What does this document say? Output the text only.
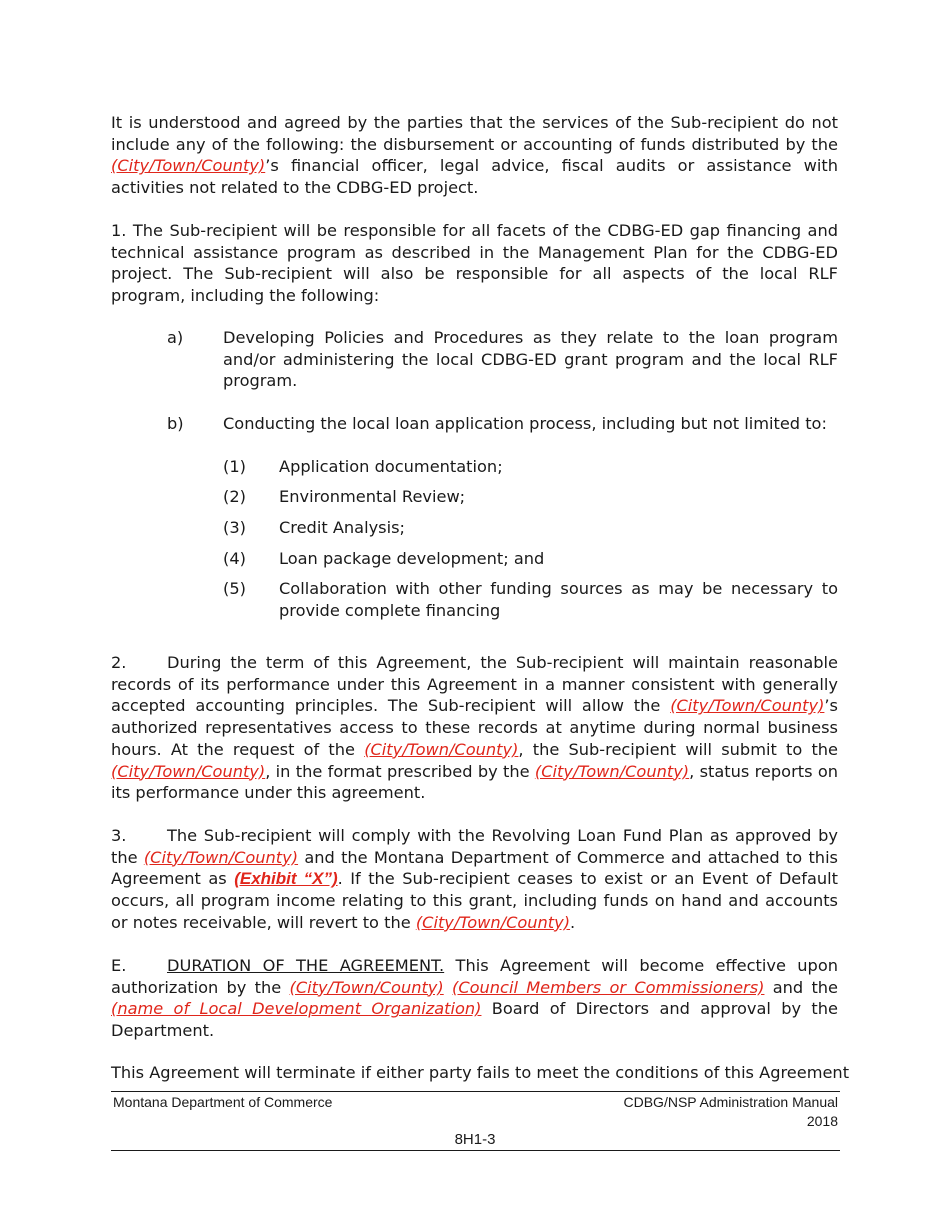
It is understood and agreed by the parties that the services of the Sub-recipient do not include any of the following: the disbursement or accounting of funds distributed by the (City/Town/County)’s financial officer, legal advice, fiscal audits or assistance with activities not related to the CDBG-ED project.

1. The Sub-recipient will be responsible for all facets of the CDBG-ED gap financing and technical assistance program as described in the Management Plan for the CDBG-ED project. The Sub-recipient will also be responsible for all aspects of the local RLF program, including the following:

a) Developing Policies and Procedures as they relate to the loan program and/or administering the local CDBG-ED grant program and the local RLF program.

b) Conducting the local loan application process, including but not limited to:

(1) Application documentation;

(2) Environmental Review;

(3) Credit Analysis;

(4) Loan package development; and

(5) Collaboration with other funding sources as may be necessary to provide complete financing

2.	During the term of this Agreement, the Sub-recipient will maintain reasonable records of its performance under this Agreement in a manner consistent with generally accepted accounting principles. The Sub-recipient will allow the (City/Town/County)’s authorized representatives access to these records at anytime during normal business hours. At the request of the (City/Town/County), the Sub-recipient will submit to the (City/Town/County), in the format prescribed by the (City/Town/County), status reports on its performance under this agreement.

3.	The Sub-recipient will comply with the Revolving Loan Fund Plan as approved by the (City/Town/County) and the Montana Department of Commerce and attached to this Agreement as (Exhibit “X”). If the Sub-recipient ceases to exist or an Event of Default occurs, all program income relating to this grant, including funds on hand and accounts or notes receivable, will revert to the (City/Town/County).

E.	DURATION OF THE AGREEMENT. This Agreement will become effective upon authorization by the (City/Town/County) (Council Members or Commissioners) and the (name of Local Development Organization) Board of Directors and approval by the Department.

This Agreement will terminate if either party fails to meet the conditions of this Agreement

Montana Department of Commerce	CDBG/NSP Administration Manual
2018
8H1-3
